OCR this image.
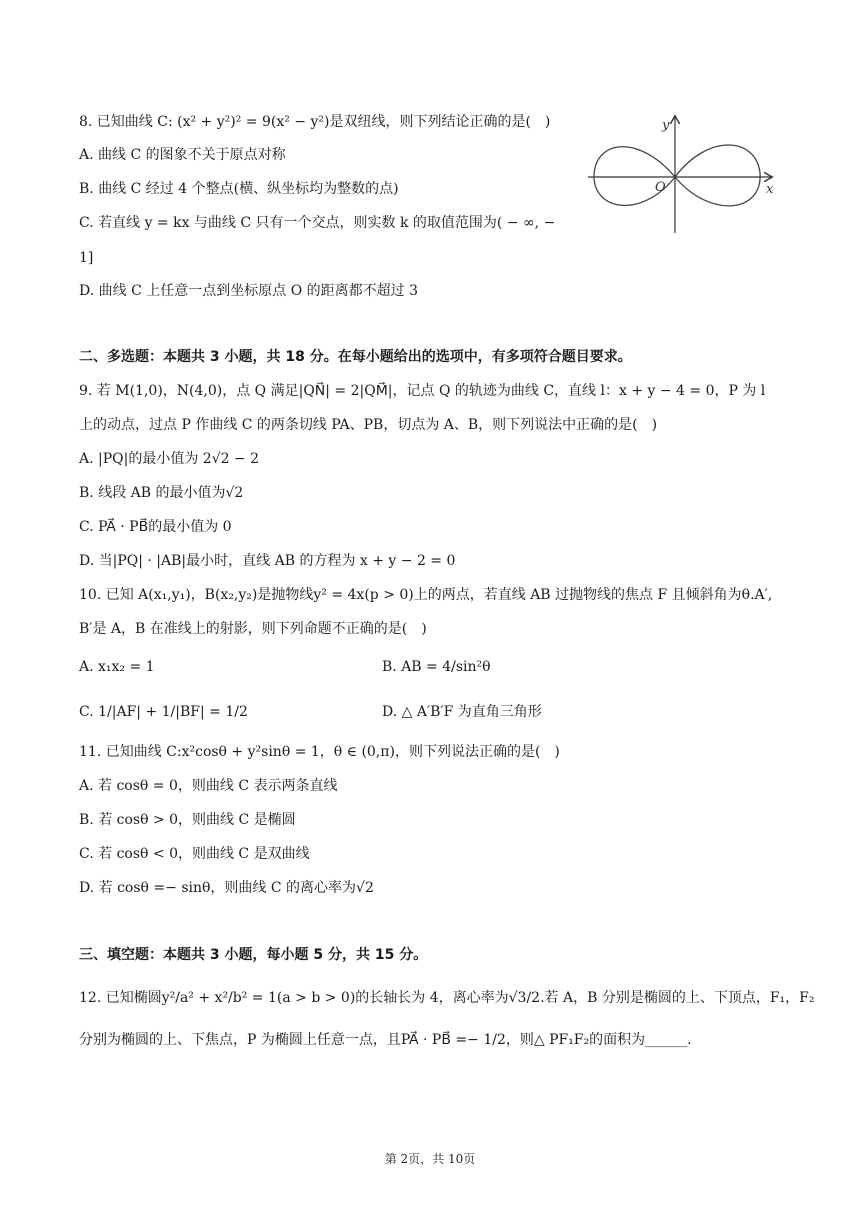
8. 已知曲线 C: (x² + y²)² = 9(x² − y²)是双纽线，则下列结论正确的是(　)
A. 曲线 C 的图象不关于原点对称
B. 曲线 C 经过 4 个整点(横、纵坐标均为整数的点)
C. 若直线 y = kx 与曲线 C 只有一个交点，则实数 k 的取值范围为( − ∞, −
1]
D. 曲线 C 上任意一点到坐标原点 O 的距离都不超过 3
y
x
O
二、多选题：本题共 3 小题，共 18 分。在每小题给出的选项中，有多项符合题目要求。
9. 若 M(1,0)，N(4,0)，点 Q 满足|QN⃗| = 2|QM⃗|，记点 Q 的轨迹为曲线 C，直线 l：x + y − 4 = 0，P 为 l
上的动点，过点 P 作曲线 C 的两条切线 PA、PB，切点为 A、B，则下列说法中正确的是(　)
A. |PQ|的最小值为 2√2 − 2
B. 线段 AB 的最小值为√2
C. PA⃗ · PB⃗的最小值为 0
D. 当|PQ| · |AB|最小时，直线 AB 的方程为 x + y − 2 = 0
10. 已知 A(x₁,y₁)，B(x₂,y₂)是抛物线y² = 4x(p > 0)上的两点，若直线 AB 过抛物线的焦点 F 且倾斜角为θ.A′,
B′是 A，B 在准线上的射影，则下列命题不正确的是(　)
A. x₁x₂ = 1	B. AB = 4/sin²θ
C. 1/|AF| + 1/|BF| = 1/2	D. △ A′B′F 为直角三角形
11. 已知曲线 C:x²cosθ + y²sinθ = 1，θ ∈ (0,π)，则下列说法正确的是(　)
A. 若 cosθ = 0，则曲线 C 表示两条直线
B. 若 cosθ > 0，则曲线 C 是椭圆
C. 若 cosθ < 0，则曲线 C 是双曲线
D. 若 cosθ =− sinθ，则曲线 C 的离心率为√2
三、填空题：本题共 3 小题，每小题 5 分，共 15 分。
12. 已知椭圆y²/a² + x²/b² = 1(a > b > 0)的长轴长为 4，离心率为√3/2.若 A，B 分别是椭圆的上、下顶点，F₁，F₂
分别为椭圆的上、下焦点，P 为椭圆上任意一点，且PA⃗ · PB⃗ =− 1/2，则△ PF₁F₂的面积为______.
第 2页，共 10页
